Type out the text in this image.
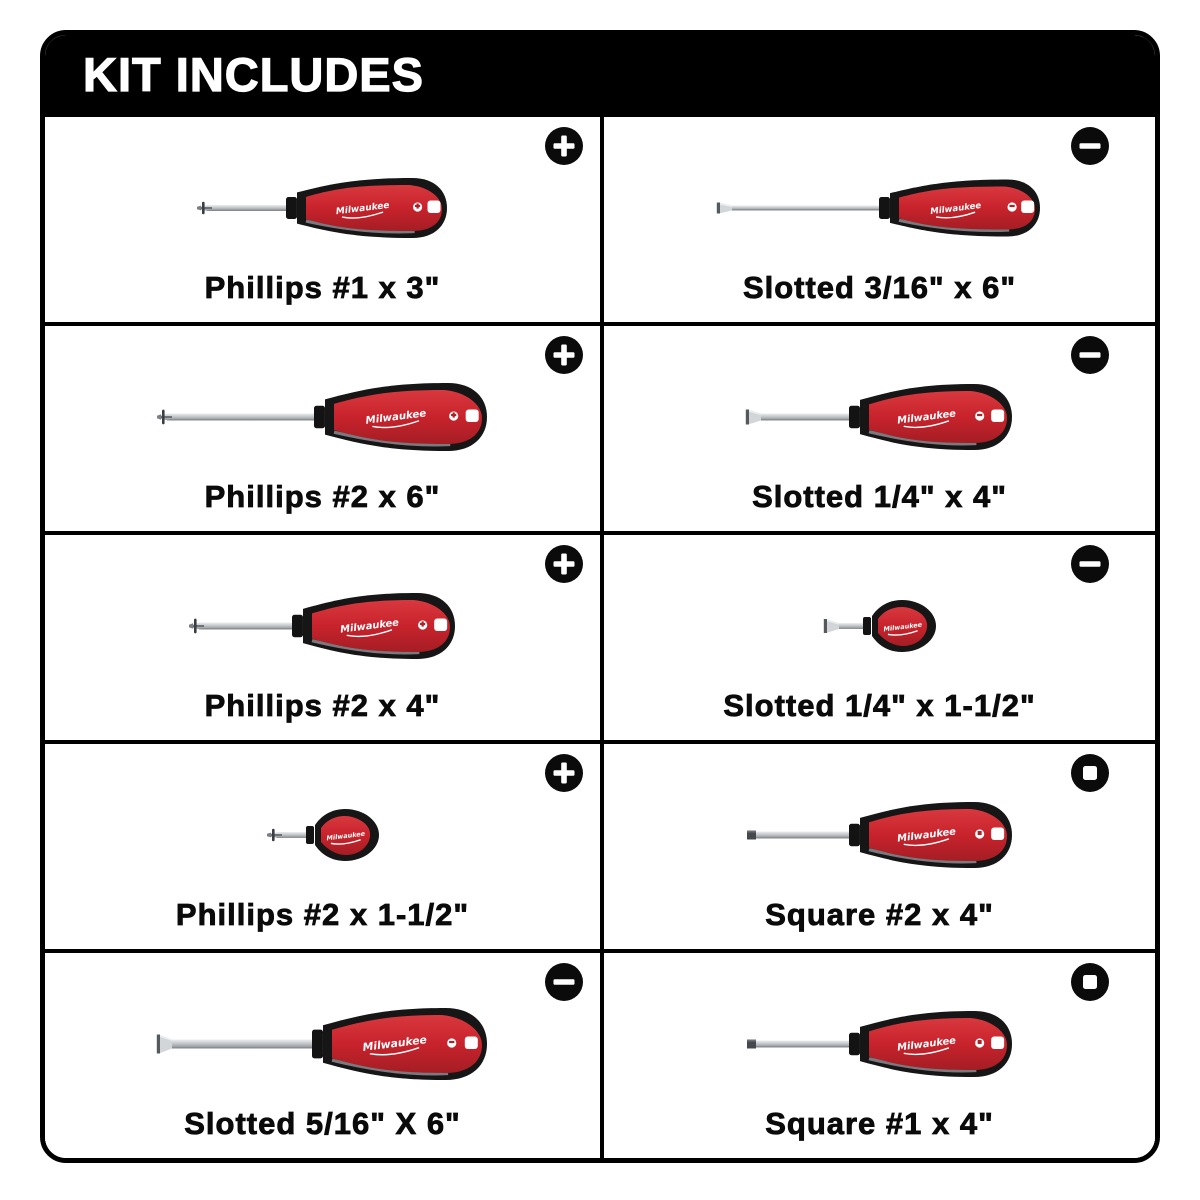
KIT INCLUDES
Milwaukee
Phillips #1 x 3"
Milwaukee
Slotted 3/16" x 6"
Milwaukee
Phillips #2 x 6"
Milwaukee
Slotted 1/4" x 4"
Milwaukee
Phillips #2 x 4"
Milwaukee
Slotted 1/4" x 1-1/2"
Milwaukee
Phillips #2 x 1-1/2"
Milwaukee
Square #2 x 4"
Milwaukee
Slotted 5/16" X 6"
Milwaukee
Square #1 x 4"
